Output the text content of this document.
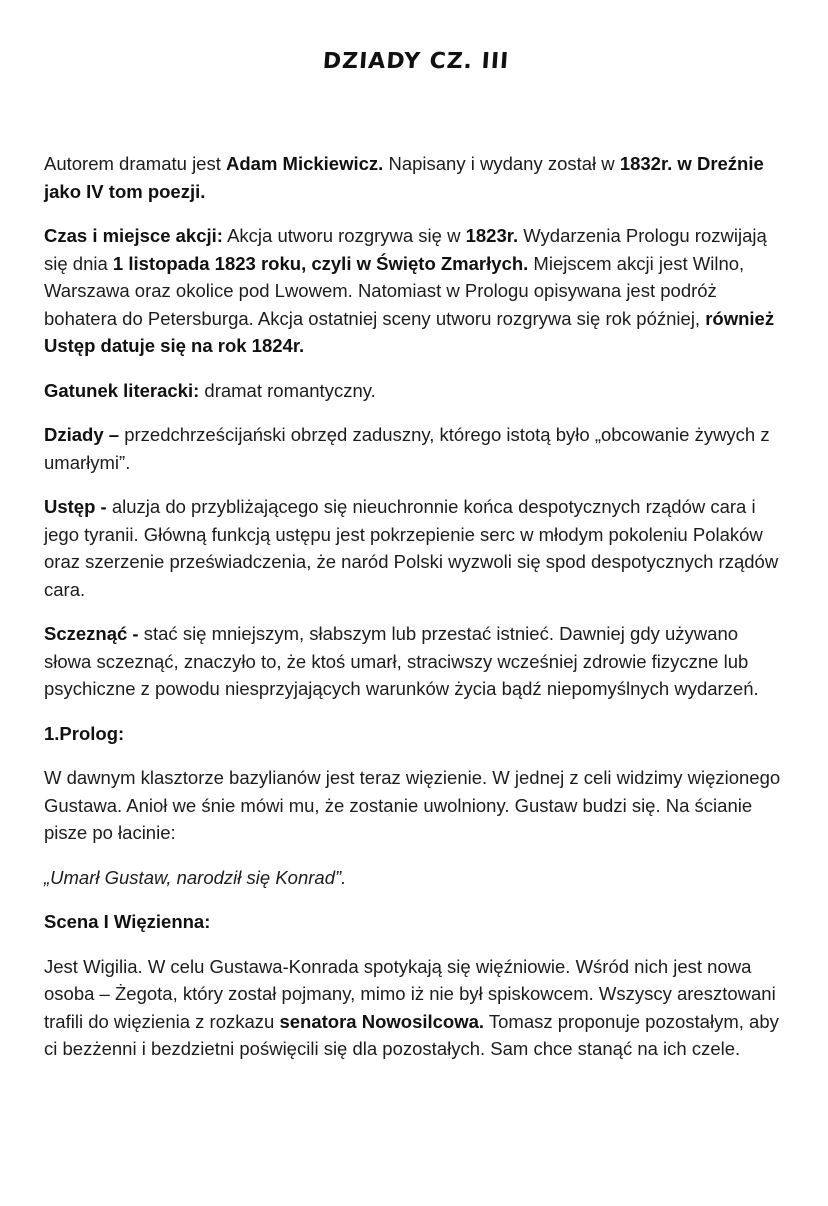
DZIADY CZ. III

Autorem dramatu jest Adam Mickiewicz. Napisany i wydany został w 1832r. w Dreźnie jako IV tom poezji.

Czas i miejsce akcji: Akcja utworu rozgrywa się w 1823r. Wydarzenia Prologu rozwijają się dnia 1 listopada 1823 roku, czyli w Święto Zmarłych. Miejscem akcji jest Wilno, Warszawa oraz okolice pod Lwowem. Natomiast w Prologu opisywana jest podróż bohatera do Petersburga. Akcja ostatniej sceny utworu rozgrywa się rok później, również Ustęp datuje się na rok 1824r.

Gatunek literacki: dramat romantyczny.

Dziady – przedchrześcijański obrzęd zaduszny, którego istotą było „obcowanie żywych z umarłymi”.

Ustęp - aluzja do przybliżającego się nieuchronnie końca despotycznych rządów cara i jego tyranii. Główną funkcją ustępu jest pokrzepienie serc w młodym pokoleniu Polaków oraz szerzenie przeświadczenia, że naród Polski wyzwoli się spod despotycznych rządów cara.

Sczeznąć - stać się mniejszym, słabszym lub przestać istnieć. Dawniej gdy używano słowa sczeznąć, znaczyło to, że ktoś umarł, straciwszy wcześniej zdrowie fizyczne lub psychiczne z powodu niesprzyjających warunków życia bądź niepomyślnych wydarzeń.

1.Prolog:

W dawnym klasztorze bazylianów jest teraz więzienie. W jednej z celi widzimy więzionego Gustawa. Anioł we śnie mówi mu, że zostanie uwolniony. Gustaw budzi się. Na ścianie pisze po łacinie:

„Umarł Gustaw, narodził się Konrad”.

Scena I Więzienna:

Jest Wigilia. W celu Gustawa-Konrada spotykają się więźniowie. Wśród nich jest nowa osoba – Żegota, który został pojmany, mimo iż nie był spiskowcem. Wszyscy aresztowani trafili do więzienia z rozkazu senatora Nowosilcowa. Tomasz proponuje pozostałym, aby ci bezżenni i bezdzietni poświęcili się dla pozostałych. Sam chce stanąć na ich czele.
